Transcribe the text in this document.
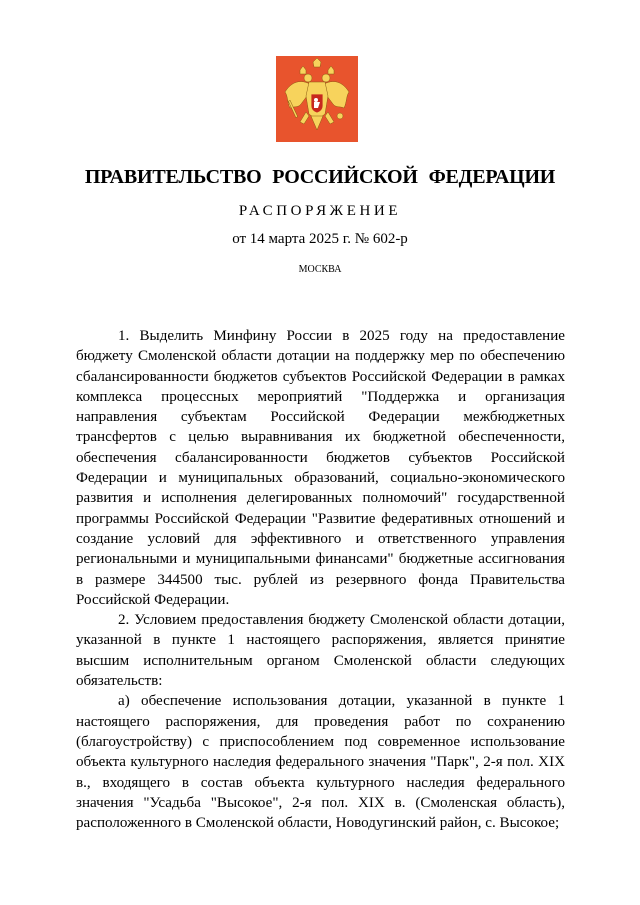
ПРАВИТЕЛЬСТВО РОССИЙСКОЙ ФЕДЕРАЦИИ
РАСПОРЯЖЕНИЕ
от 14 марта 2025 г. № 602-р
МОСКВА

1. Выделить Минфину России в 2025 году на предоставление бюджету Смоленской области дотации на поддержку мер по обеспечению сбалансированности бюджетов субъектов Российской Федерации в рамках комплекса процессных мероприятий "Поддержка и организация направления субъектам Российской Федерации межбюджетных трансфертов с целью выравнивания их бюджетной обеспеченности, обеспечения сбалансированности бюджетов субъектов Российской Федерации и муниципальных образований, социально-экономического развития и исполнения делегированных полномочий" государственной программы Российской Федерации "Развитие федеративных отношений и создание условий для эффективного и ответственного управления региональными и муниципальными финансами" бюджетные ассигнования в размере 344500 тыс. рублей из резервного фонда Правительства Российской Федерации.

2. Условием предоставления бюджету Смоленской области дотации, указанной в пункте 1 настоящего распоряжения, является принятие высшим исполнительным органом Смоленской области следующих обязательств:

а) обеспечение использования дотации, указанной в пункте 1 настоящего распоряжения, для проведения работ по сохранению (благоустройству) с приспособлением под современное использование объекта культурного наследия федерального значения "Парк", 2-я пол. XIX в., входящего в состав объекта культурного наследия федерального значения "Усадьба "Высокое", 2-я пол. XIX в. (Смоленская область), расположенного в Смоленской области, Новодугинский район, с. Высокое;
